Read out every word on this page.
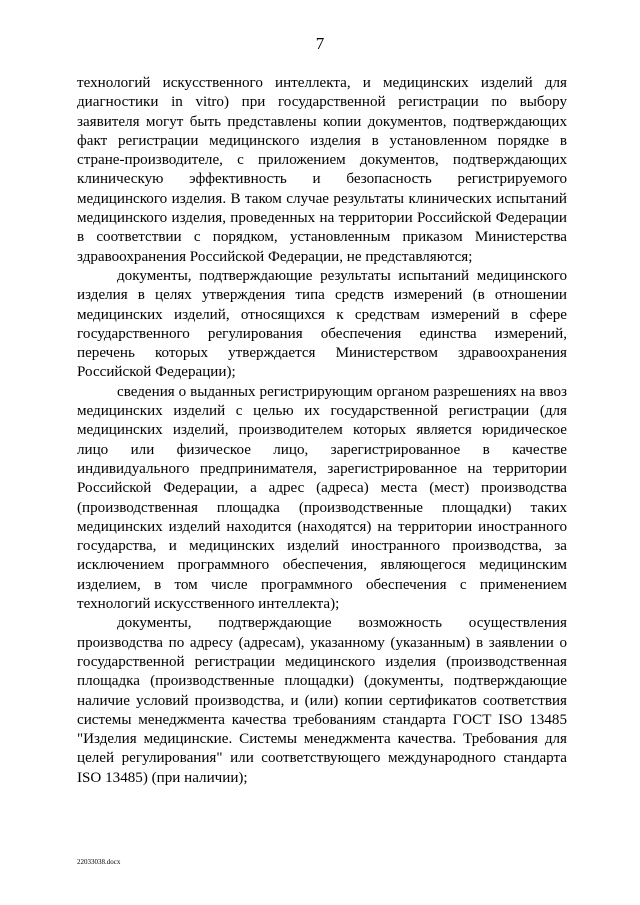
7

технологий искусственного интеллекта, и медицинских изделий для диагностики in vitro) при государственной регистрации по выбору заявителя могут быть представлены копии документов, подтверждающих факт регистрации медицинского изделия в установленном порядке в стране-производителе, с приложением документов, подтверждающих клиническую эффективность и безопасность регистрируемого медицинского изделия. В таком случае результаты клинических испытаний медицинского изделия, проведенных на территории Российской Федерации в соответствии с порядком, установленным приказом Министерства здравоохранения Российской Федерации, не представляются;

документы, подтверждающие результаты испытаний медицинского изделия в целях утверждения типа средств измерений (в отношении медицинских изделий, относящихся к средствам измерений в сфере государственного регулирования обеспечения единства измерений, перечень которых утверждается Министерством здравоохранения Российской Федерации);

сведения о выданных регистрирующим органом разрешениях на ввоз медицинских изделий с целью их государственной регистрации (для медицинских изделий, производителем которых является юридическое лицо или физическое лицо, зарегистрированное в качестве индивидуального предпринимателя, зарегистрированное на территории Российской Федерации, а адрес (адреса) места (мест) производства (производственная площадка (производственные площадки) таких медицинских изделий находится (находятся) на территории иностранного государства, и медицинских изделий иностранного производства, за исключением программного обеспечения, являющегося медицинским изделием, в том числе программного обеспечения с применением технологий искусственного интеллекта);

документы, подтверждающие возможность осуществления производства по адресу (адресам), указанному (указанным) в заявлении о государственной регистрации медицинского изделия (производственная площадка (производственные площадки) (документы, подтверждающие наличие условий производства, и (или) копии сертификатов соответствия системы менеджмента качества требованиям стандарта ГОСТ ISO 13485 "Изделия медицинские. Системы менеджмента качества. Требования для целей регулирования" или соответствующего международного стандарта ISO 13485) (при наличии);

22033038.docx
